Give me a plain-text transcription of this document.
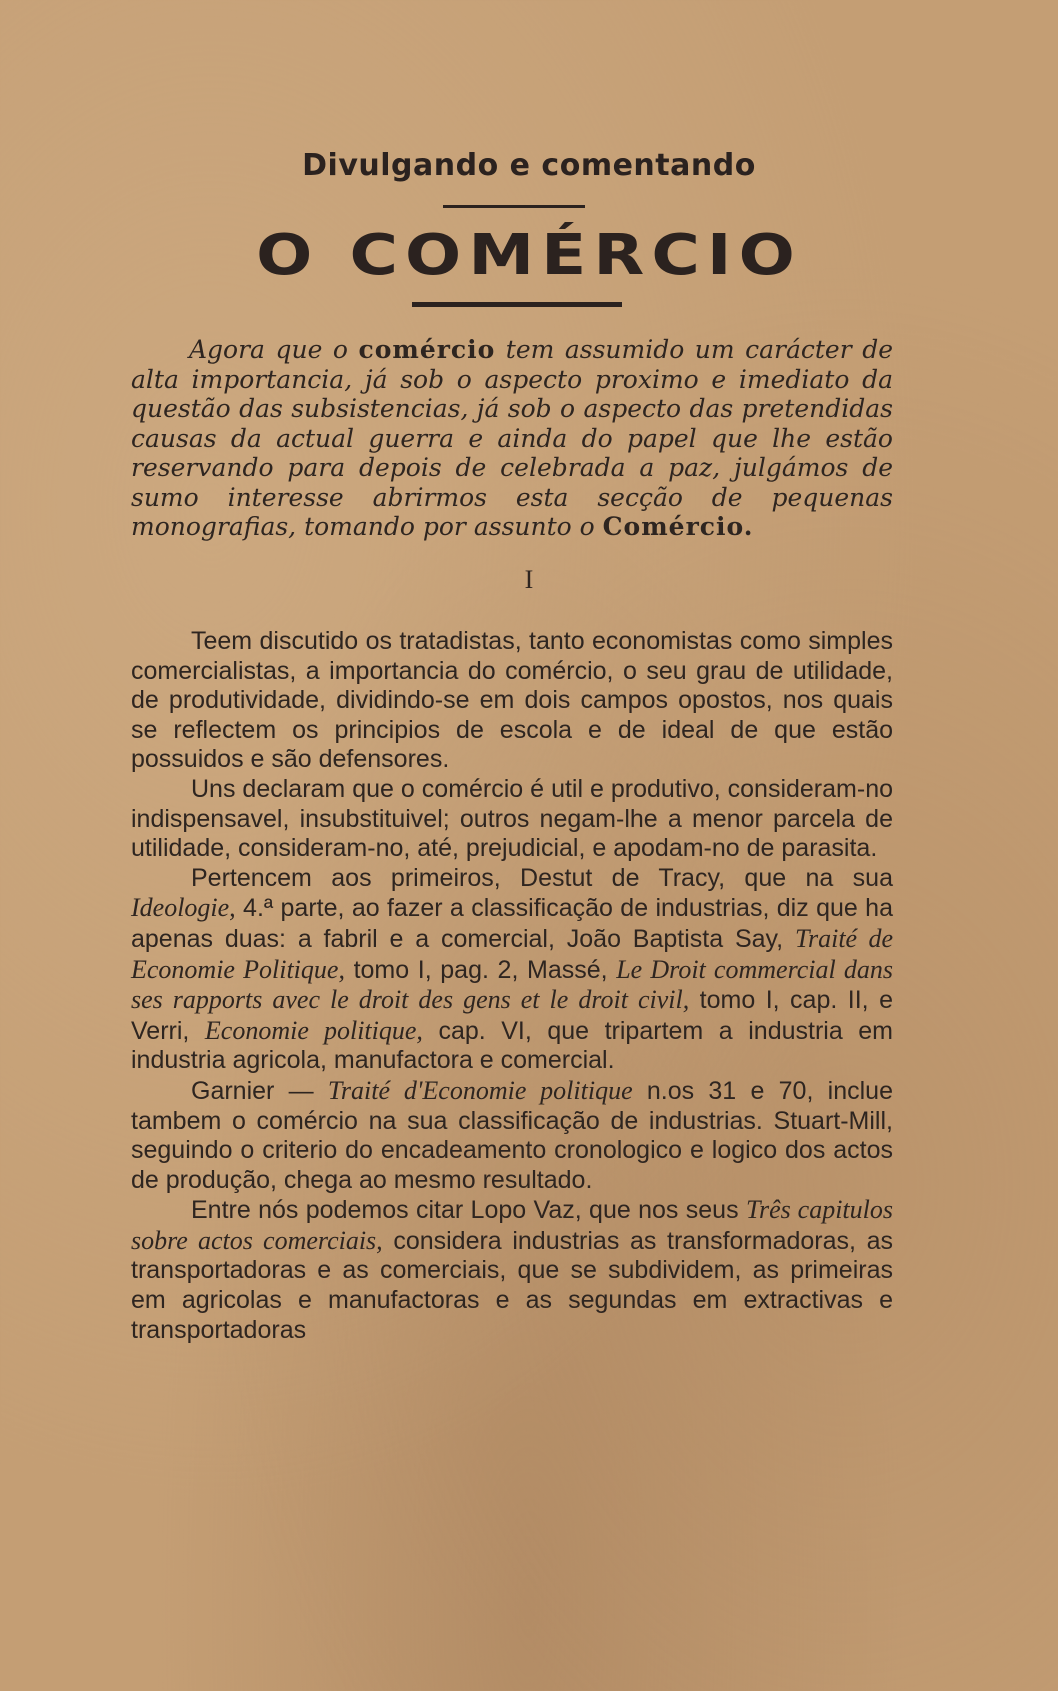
Divulgando e comentando
O COMÉRCIO
Agora que o comércio tem assumido um carácter de alta importancia, já sob o aspecto proximo e imediato da questão das subsistencias, já sob o aspecto das pretendidas causas da actual guerra e ainda do papel que lhe estão reservando para depois de celebrada a paz, julgámos de sumo interesse abrirmos esta secção de pequenas monografias, tomando por assunto o Comércio.
I

Teem discutido os tratadistas, tanto economistas como simples comercialistas, a importancia do comércio, o seu grau de utilidade, de produtividade, dividindo-se em dois campos opostos, nos quais se reflectem os principios de escola e de ideal de que estão possuidos e são defensores.

Uns declaram que o comércio é util e produtivo, consideram-no indispensavel, insubstituivel; outros negam-lhe a menor parcela de utilidade, consideram-no, até, prejudicial, e apodam-no de parasita.

Pertencem aos primeiros, Destut de Tracy, que na sua Ideologie, 4.ª parte, ao fazer a classificação de industrias, diz que ha apenas duas: a fabril e a comercial, João Baptista Say, Traité de Economie Politique, tomo I, pag. 2, Massé, Le Droit commercial dans ses rapports avec le droit des gens et le droit civil, tomo I, cap. II, e Verri, Economie politique, cap. VI, que tripartem a industria em industria agricola, manufactora e comercial.

Garnier — Traité d'Economie politique n.os 31 e 70, inclue tambem o comércio na sua classificação de industrias. Stuart-Mill, seguindo o criterio do encadeamento cronologico e logico dos actos de produção, chega ao mesmo resultado.

Entre nós podemos citar Lopo Vaz, que nos seus Três capitulos sobre actos comerciais, considera industrias as transformadoras, as transportadoras e as comerciais, que se subdividem, as primeiras em agricolas e manufactoras e as segundas em extractivas e transportadoras
